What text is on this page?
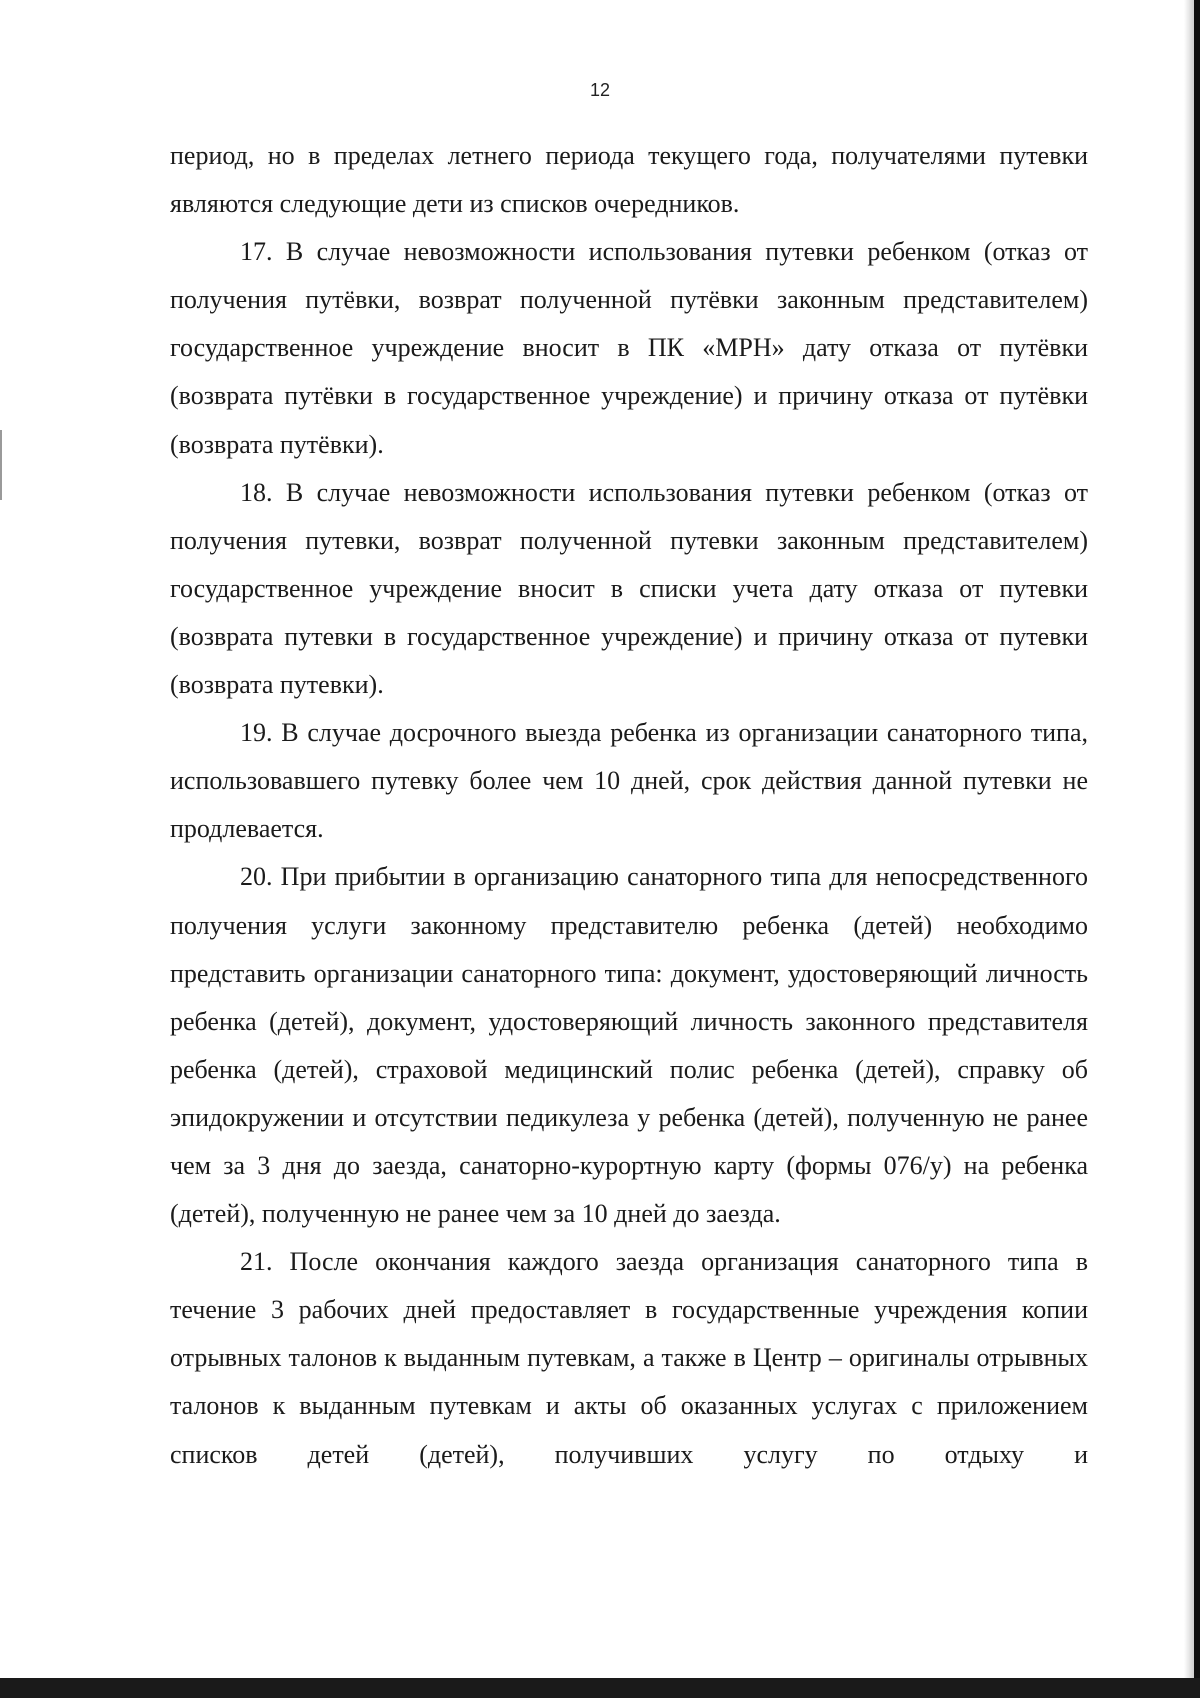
12

период, но в пределах летнего периода текущего года, получателями путевки являются следующие дети из списков очередников.

17. В случае невозможности использования путевки ребенком (отказ от получения путёвки, возврат полученной путёвки законным представителем) государственное учреждение вносит в ПК «МРН» дату отказа от путёвки (возврата путёвки в государственное учреждение) и причину отказа от путёвки (возврата путёвки).

18. В случае невозможности использования путевки ребенком (отказ от получения путевки, возврат полученной путевки законным представителем) государственное учреждение вносит в списки учета дату отказа от путевки (возврата путевки в государственное учреждение) и причину отказа от путевки (возврата путевки).

19. В случае досрочного выезда ребенка из организации санаторного типа, использовавшего путевку более чем 10 дней, срок действия данной путевки не продлевается.

20. При прибытии в организацию санаторного типа для непосредственного получения услуги законному представителю ребенка (детей) необходимо представить организации санаторного типа: документ, удостоверяющий личность ребенка (детей), документ, удостоверяющий личность законного представителя ребенка (детей), страховой медицинский полис ребенка (детей), справку об эпидокружении и отсутствии педикулеза у ребенка (детей), полученную не ранее чем за 3 дня до заезда, санаторно-курортную карту (формы 076/у) на ребенка (детей), полученную не ранее чем за 10 дней до заезда.

21. После окончания каждого заезда организация санаторного типа в течение 3 рабочих дней предоставляет в государственные учреждения копии отрывных талонов к выданным путевкам, а также в Центр – оригиналы отрывных талонов к выданным путевкам и акты об оказанных услугах с приложением списков детей (детей), получивших услугу по отдыху и
